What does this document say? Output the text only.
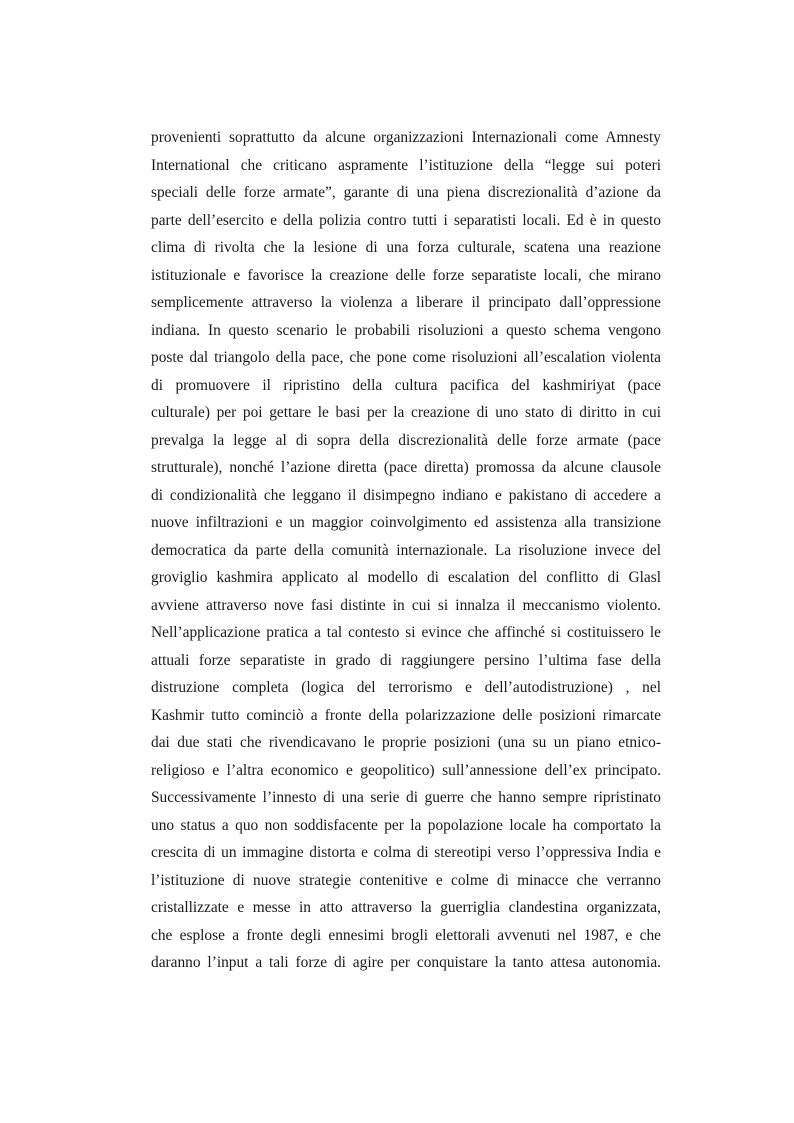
provenienti soprattutto da alcune organizzazioni Internazionali come Amnesty
International che criticano aspramente l’istituzione della “legge sui poteri
speciali delle forze armate”, garante di una piena discrezionalità d’azione da
parte dell’esercito e della polizia contro tutti i separatisti locali. Ed è in questo
clima di rivolta che la lesione di una forza culturale, scatena una reazione
istituzionale e favorisce la creazione delle forze separatiste locali, che mirano
semplicemente attraverso la violenza a liberare il principato dall’oppressione
indiana. In questo scenario le probabili risoluzioni a questo schema vengono
poste dal triangolo della pace, che pone come risoluzioni all’escalation violenta
di promuovere il ripristino della cultura pacifica del kashmiriyat (pace
culturale) per poi gettare le basi per la creazione di uno stato di diritto in cui
prevalga la legge al di sopra della discrezionalità delle forze armate (pace
strutturale), nonché l’azione diretta (pace diretta) promossa da alcune clausole
di condizionalità che leggano il disimpegno indiano e pakistano di accedere a
nuove infiltrazioni e un maggior coinvolgimento ed assistenza alla transizione
democratica da parte della comunità internazionale. La risoluzione invece del
groviglio kashmira applicato al modello di escalation del conflitto di Glasl
avviene attraverso nove fasi distinte in cui si innalza il meccanismo violento.
Nell’applicazione pratica a tal contesto si evince che affinché si costituissero le
attuali forze separatiste in grado di raggiungere persino l’ultima fase della
distruzione completa (logica del terrorismo e dell’autodistruzione) , nel
Kashmir tutto cominciò a fronte della polarizzazione delle posizioni rimarcate
dai due stati che rivendicavano le proprie posizioni (una su un piano etnico-
religioso e l’altra economico e geopolitico) sull’annessione dell’ex principato.
Successivamente l’innesto di una serie di guerre che hanno sempre ripristinato
uno status a quo non soddisfacente per la popolazione locale ha comportato la
crescita di un immagine distorta e colma di stereotipi verso l’oppressiva India e
l’istituzione di nuove strategie contenitive e colme di minacce che verranno
cristallizzate e messe in atto attraverso la guerriglia clandestina organizzata,
che esplose a fronte degli ennesimi brogli elettorali avvenuti nel 1987, e che
daranno l’input a tali forze di agire per conquistare la tanto attesa autonomia.
